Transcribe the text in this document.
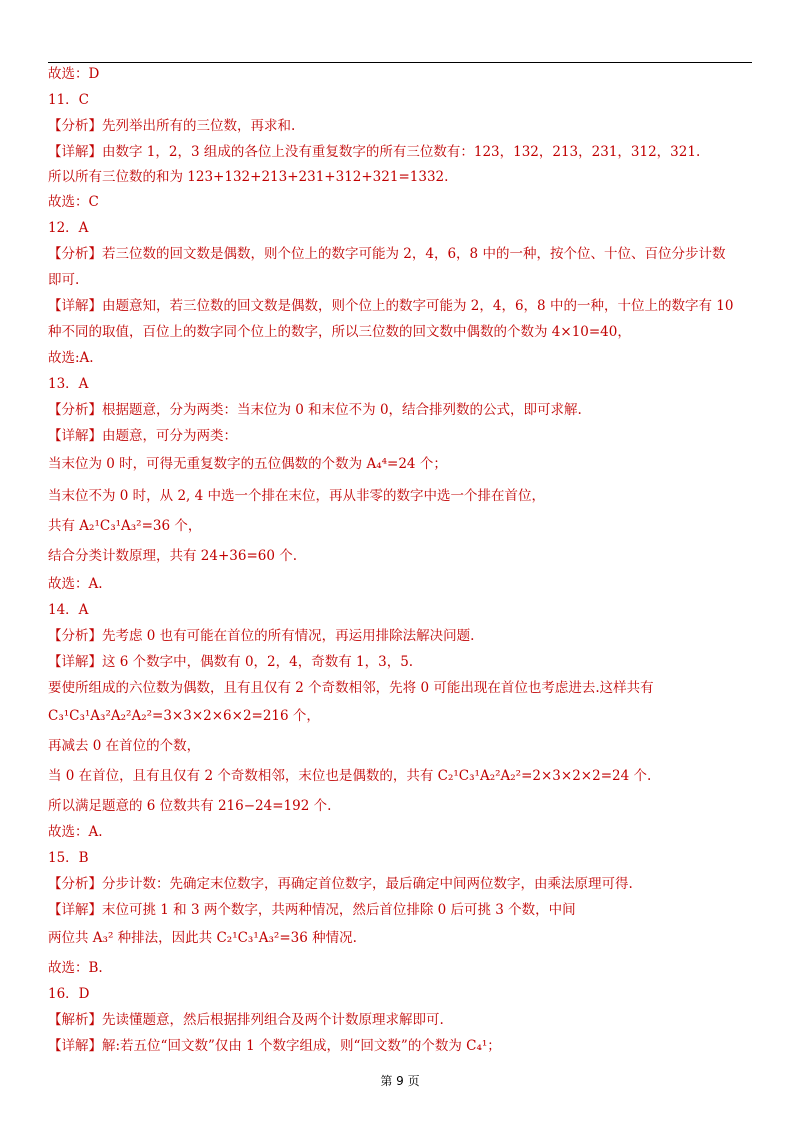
故选：D
11．C
【分析】先列举出所有的三位数，再求和.
【详解】由数字 1，2，3 组成的各位上没有重复数字的所有三位数有：123，132，213，231，312，321.
所以所有三位数的和为 123+132+213+231+312+321=1332.
故选：C
12．A
【分析】若三位数的回文数是偶数，则个位上的数字可能为 2，4，6，8 中的一种，按个位、十位、百位分步计数
即可.
【详解】由题意知，若三位数的回文数是偶数，则个位上的数字可能为 2，4，6，8 中的一种，十位上的数字有 10
种不同的取值，百位上的数字同个位上的数字，所以三位数的回文数中偶数的个数为 4×10=40，
故选:A.
13．A
【分析】根据题意，分为两类：当末位为 0 和末位不为 0，结合排列数的公式，即可求解.
【详解】由题意，可分为两类：
当末位为 0 时，可得无重复数字的五位偶数的个数为 A₄⁴=24 个；
当末位不为 0 时，从 2, 4 中选一个排在末位，再从非零的数字中选一个排在首位，
共有 A₂¹C₃¹A₃²=36 个，
结合分类计数原理，共有 24+36=60 个.
故选：A.
14．A
【分析】先考虑 0 也有可能在首位的所有情况，再运用排除法解决问题.
【详解】这 6 个数字中，偶数有 0，2，4，奇数有 1，3，5.
要使所组成的六位数为偶数，且有且仅有 2 个奇数相邻，先将 0 可能出现在首位也考虑进去.这样共有
C₃¹C₃¹A₃²A₂²A₂²=3×3×2×6×2=216 个，
再减去 0 在首位的个数，
当 0 在首位，且有且仅有 2 个奇数相邻，末位也是偶数的，共有 C₂¹C₃¹A₂²A₂²=2×3×2×2=24 个.
所以满足题意的 6 位数共有 216−24=192 个.
故选：A.
15．B
【分析】分步计数：先确定末位数字，再确定首位数字，最后确定中间两位数字，由乘法原理可得.
【详解】末位可挑 1 和 3 两个数字，共两种情况，然后首位排除 0 后可挑 3 个数，中间
两位共 A₃² 种排法，因此共 C₂¹C₃¹A₃²=36 种情况.
故选：B.
16．D
【解析】先读懂题意，然后根据排列组合及两个计数原理求解即可.
【详解】解:若五位“回文数”仅由 1 个数字组成，则“回文数”的个数为 C₄¹；
第 9 页
